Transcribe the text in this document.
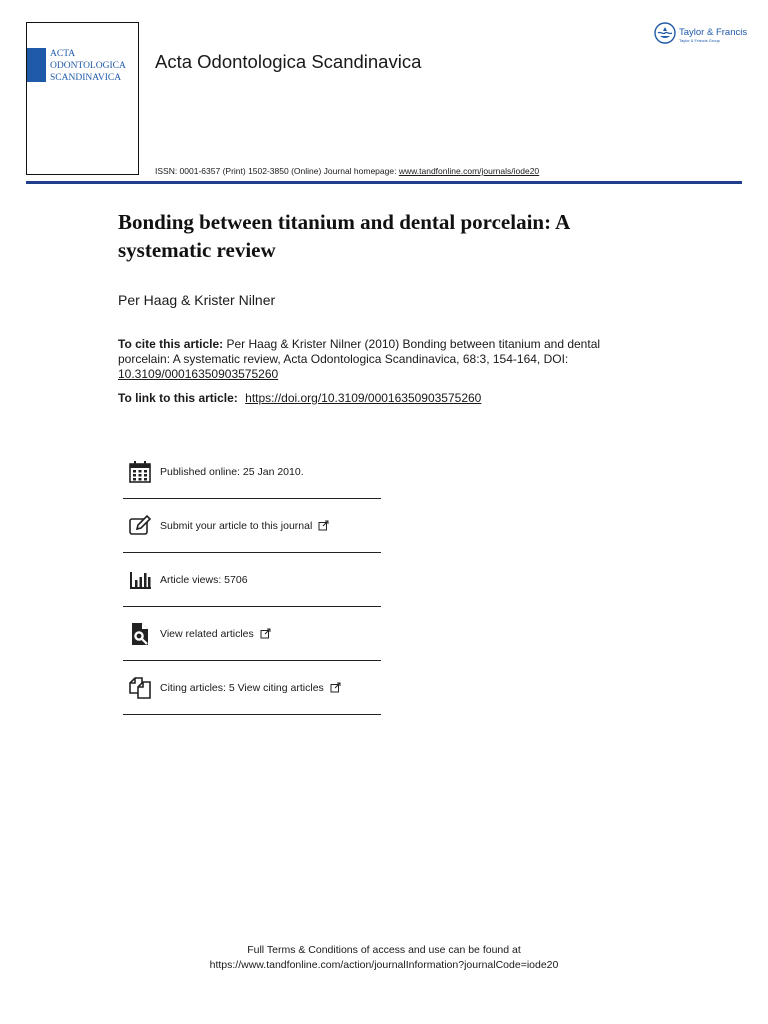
ACTA
ODONTOLOGICA
SCANDINAVICA
Acta Odontologica Scandinavica
Taylor & Francis
Taylor & Francis Group
ISSN: 0001-6357 (Print) 1502-3850 (Online) Journal homepage: www.tandfonline.com/journals/iode20
Bonding between titanium and dental porcelain: A systematic review
Per Haag & Krister Nilner
To cite this article: Per Haag & Krister Nilner (2010) Bonding between titanium and dental porcelain: A systematic review, Acta Odontologica Scandinavica, 68:3, 154-164, DOI: 10.3109/00016350903575260
To link to this article: https://doi.org/10.3109/00016350903575260
Published online: 25 Jan 2010.
Submit your article to this journal
Article views: 5706
View related articles
Citing articles: 5 View citing articles
Full Terms & Conditions of access and use can be found at
https://www.tandfonline.com/action/journalInformation?journalCode=iode20
